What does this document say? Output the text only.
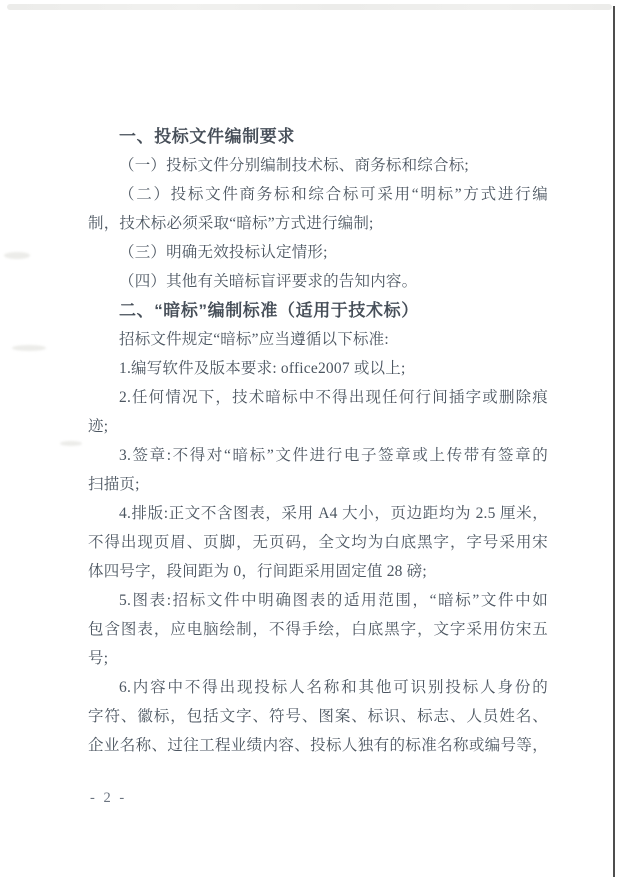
一、投标文件编制要求
（一）投标文件分别编制技术标、商务标和综合标;
（二）投标文件商务标和综合标可采用“明标”方式进行编
制，技术标必须采取“暗标”方式进行编制;
（三）明确无效投标认定情形;
（四）其他有关暗标盲评要求的告知内容。
二、“暗标”编制标准（适用于技术标）
招标文件规定“暗标”应当遵循以下标准:
1.编写软件及版本要求: office2007 或以上;
2.任何情况下，技术暗标中不得出现任何行间插字或删除痕
迹;
3.签章:不得对“暗标”文件进行电子签章或上传带有签章的
扫描页;
4.排版:正文不含图表，采用 A4 大小，页边距均为 2.5 厘米，
不得出现页眉、页脚，无页码，全文均为白底黑字，字号采用宋
体四号字，段间距为 0，行间距采用固定值 28 磅;
5.图表:招标文件中明确图表的适用范围，“暗标”文件中如
包含图表，应电脑绘制，不得手绘，白底黑字，文字采用仿宋五
号;
6.内容中不得出现投标人名称和其他可识别投标人身份的
字符、徽标，包括文字、符号、图案、标识、标志、人员姓名、
企业名称、过往工程业绩内容、投标人独有的标准名称或编号等，
- 2 -
